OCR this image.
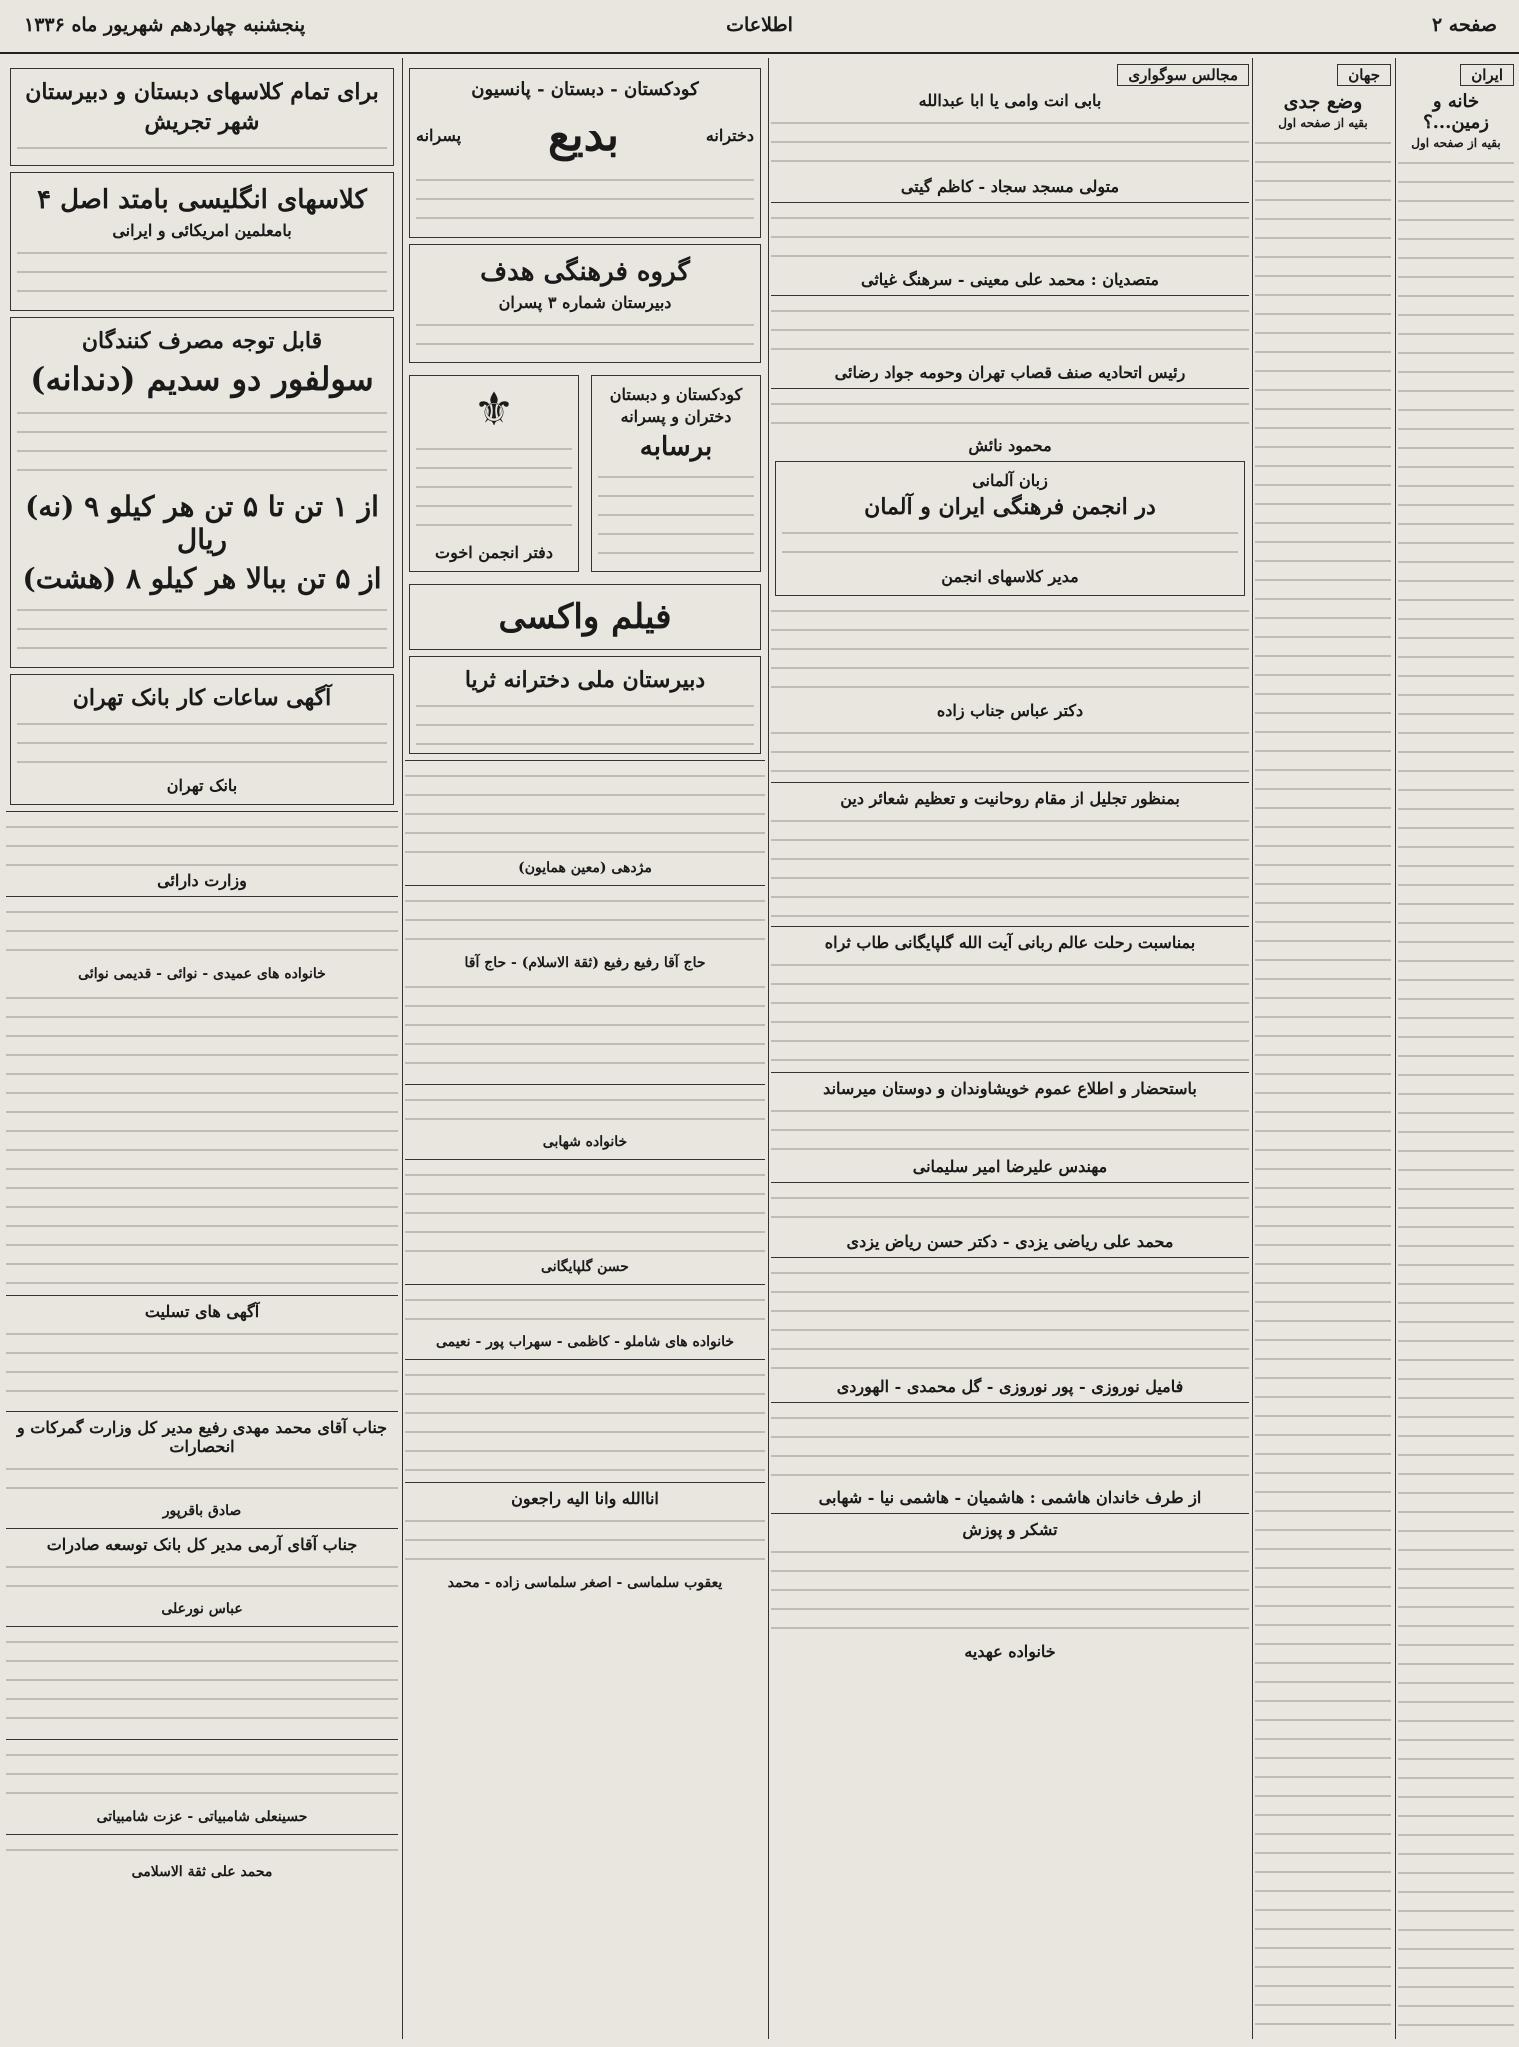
صفحه ۲
اطلاعات
پنجشنبه چهاردهم شهریور ماه ۱۳۳۶
ایران
خانه و زمین...؟
بقیه از صفحه اول
جهان
وضع جدی
بقیه از صفحه اول
مجالس سوگواری
بابی انت وامی یا ابا عبدالله
متولی مسجد سجاد - کاظم گیتی
متصدیان : محمد علی معینی - سرهنگ غیاثی
رئیس اتحادیه صنف قصاب تهران وحومه جواد رضائی
محمود نائش
زبان آلمانی
در انجمن فرهنگی ایران و آلمان
مدیر کلاسهای انجمن
دکتر عباس جناب زاده
بمنظور تجلیل از مقام روحانیت و تعظیم شعائر دین
بمناسبت رحلت عالم ربانی آیت الله گلپایگانی طاب ثراه
باستحضار و اطلاع عموم خویشاوندان و دوستان میرساند
مهندس علیرضا امیر سلیمانی
محمد علی ریاضی یزدی - دکتر حسن ریاض یزدی
فامیل نوروزی - پور نوروزی - گل محمدی - الهوردی
از طرف خاندان هاشمی : هاشمیان - هاشمی نیا - شهابی
تشکر و پوزش
خانواده عهدیه
کودکستان - دبستان - پانسیون
دخترانه
بدیع
پسرانه
گروه فرهنگی هدف
دبیرستان شماره ۳ پسران
کودکستان و دبستان
دختران و پسرانه
برسابه
⚜
دفتر انجمن اخوت
فیلم واکسی
دبیرستان ملی دخترانه ثریا
مژدهی (معین همایون)
حاج آقا رفیع رفیع (ثقة الاسلام) - حاج آقا
خانواده شهابی
حسن گلپایگانی
خانواده های شاملو - کاظمی - سهراب پور - نعیمی
اناالله وانا الیه راجعون
یعقوب سلماسی - اصغر سلماسی زاده - محمد
برای تمام کلاسهای دبستان و دبیرستان
شهر تجریش
کلاسهای انگلیسی بامتد اصل ۴
بامعلمین امریکائی و ایرانی
قابل توجه مصرف کنندگان
سولفور دو سدیم (دندانه)
از ۱ تن تا ۵ تن هر کیلو ۹ (نه) ریال
از ۵ تن ببالا هر کیلو ۸ (هشت)
آگهی ساعات کار بانک تهران
بانک تهران
وزارت دارائی
خانواده های عمیدی - نوائی - قدیمی نوائی
آگهی های تسلیت
جناب آقای محمد مهدی رفیع مدیر کل وزارت گمرکات و انحصارات
صادق باقرپور
جناب آقای آرمی مدیر کل بانک توسعه صادرات
عباس نورعلی
حسینعلی شامبیاتی - عزت شامبیاتی
محمد علی ثقة الاسلامی
